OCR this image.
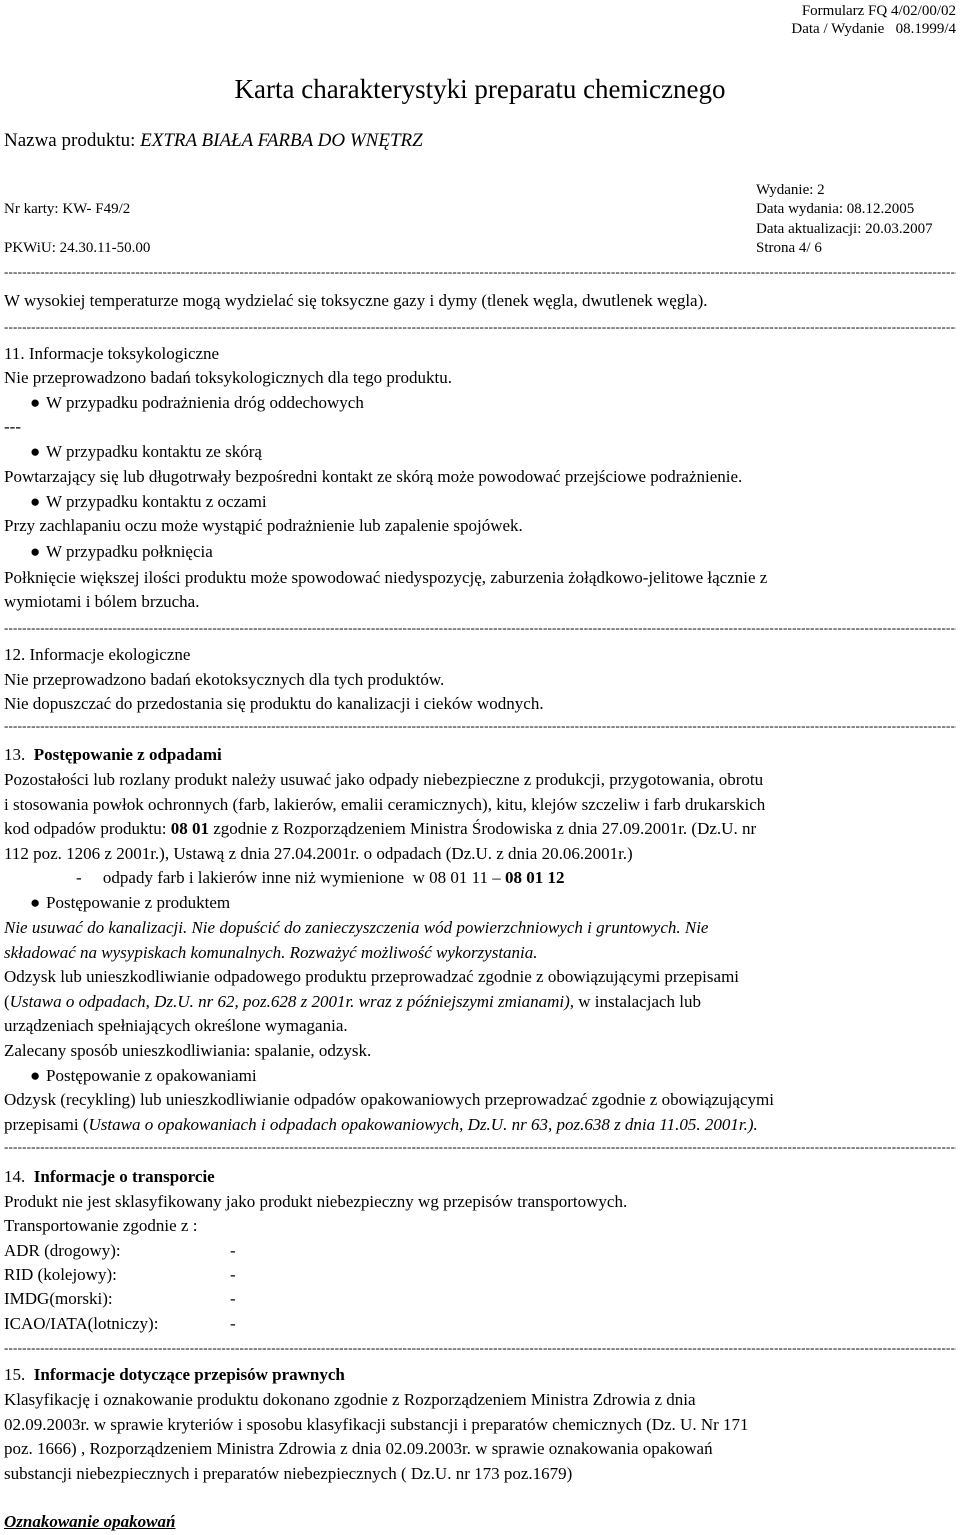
Formularz FQ 4/02/00/02
Data / Wydanie 08.1999/4
Karta charakterystyki preparatu chemicznego
Nazwa produktu: EXTRA BIAŁA FARBA DO WNĘTRZ
Wydanie: 2
Nr karty: KW- F49/2	Data wydania: 08.12.2005
Data aktualizacji: 20.03.2007
PKWiU: 24.30.11-50.00	Strona 4/ 6
-----
W wysokiej temperaturze mogą wydzielać się toksyczne gazy i dymy (tlenek węgla, dwutlenek węgla).
-----
11. Informacje toksykologiczne
Nie przeprowadzono badań toksykologicznych dla tego produktu.
● W przypadku podrażnienia dróg oddechowych
---
● W przypadku kontaktu ze skórą
Powtarzający się lub długotrwały bezpośredni kontakt ze skórą może powodować przejściowe podrażnienie.
● W przypadku kontaktu z oczami
Przy zachlapaniu oczu może wystąpić podrażnienie lub zapalenie spojówek.
● W przypadku połknięcia
Połknięcie większej ilości produktu może spowodować niedyspozycję, zaburzenia żołądkowo-jelitowe łącznie z
wymiotami i bólem brzucha.
-----
12. Informacje ekologiczne
Nie przeprowadzono badań ekotoksycznych dla tych produktów.
Nie dopuszczać do przedostania się produktu do kanalizacji i cieków wodnych.
-----
13. Postępowanie z odpadami
Pozostałości lub rozlany produkt należy usuwać jako odpady niebezpieczne z produkcji, przygotowania, obrotu
i stosowania powłok ochronnych (farb, lakierów, emalii ceramicznych), kitu, klejów szczeliw i farb drukarskich
kod odpadów produktu: 08 01 zgodnie z Rozporządzeniem Ministra Środowiska z dnia 27.09.2001r. (Dz.U. nr
112 poz. 1206 z 2001r.), Ustawą z dnia 27.04.2001r. o odpadach (Dz.U. z dnia 20.06.2001r.)
-     odpady farb i lakierów inne niż wymienione  w 08 01 11 – 08 01 12
● Postępowanie z produktem
Nie usuwać do kanalizacji. Nie dopuścić do zanieczyszczenia wód powierzchniowych i gruntowych. Nie
składować na wysypiskach komunalnych. Rozważyć możliwość wykorzystania.
Odzysk lub unieszkodliwianie odpadowego produktu przeprowadzać zgodnie z obowiązującymi przepisami
(Ustawa o odpadach, Dz.U. nr 62, poz.628 z 2001r. wraz z późniejszymi zmianami), w instalacjach lub
urządzeniach spełniających określone wymagania.
Zalecany sposób unieszkodliwiania: spalanie, odzysk.
● Postępowanie z opakowaniami
Odzysk (recykling) lub unieszkodliwianie odpadów opakowaniowych przeprowadzać zgodnie z obowiązującymi
przepisami (Ustawa o opakowaniach i odpadach opakowaniowych, Dz.U. nr 63, poz.638 z dnia 11.05. 2001r.).
-----
14. Informacje o transporcie
Produkt nie jest sklasyfikowany jako produkt niebezpieczny wg przepisów transportowych.
Transportowanie zgodnie z :
ADR (drogowy):	-
RID (kolejowy):	-
IMDG(morski):	-
ICAO/IATA(lotniczy):	-
-----
15. Informacje dotyczące przepisów prawnych
Klasyfikację i oznakowanie produktu dokonano zgodnie z Rozporządzeniem Ministra Zdrowia z dnia
02.09.2003r. w sprawie kryteriów i sposobu klasyfikacji substancji i preparatów chemicznych (Dz. U. Nr 171
poz. 1666) , Rozporządzeniem Ministra Zdrowia z dnia 02.09.2003r. w sprawie oznakowania opakowań
substancji niebezpiecznych i preparatów niebezpiecznych ( Dz.U. nr 173 poz.1679)
Oznakowanie opakowań
